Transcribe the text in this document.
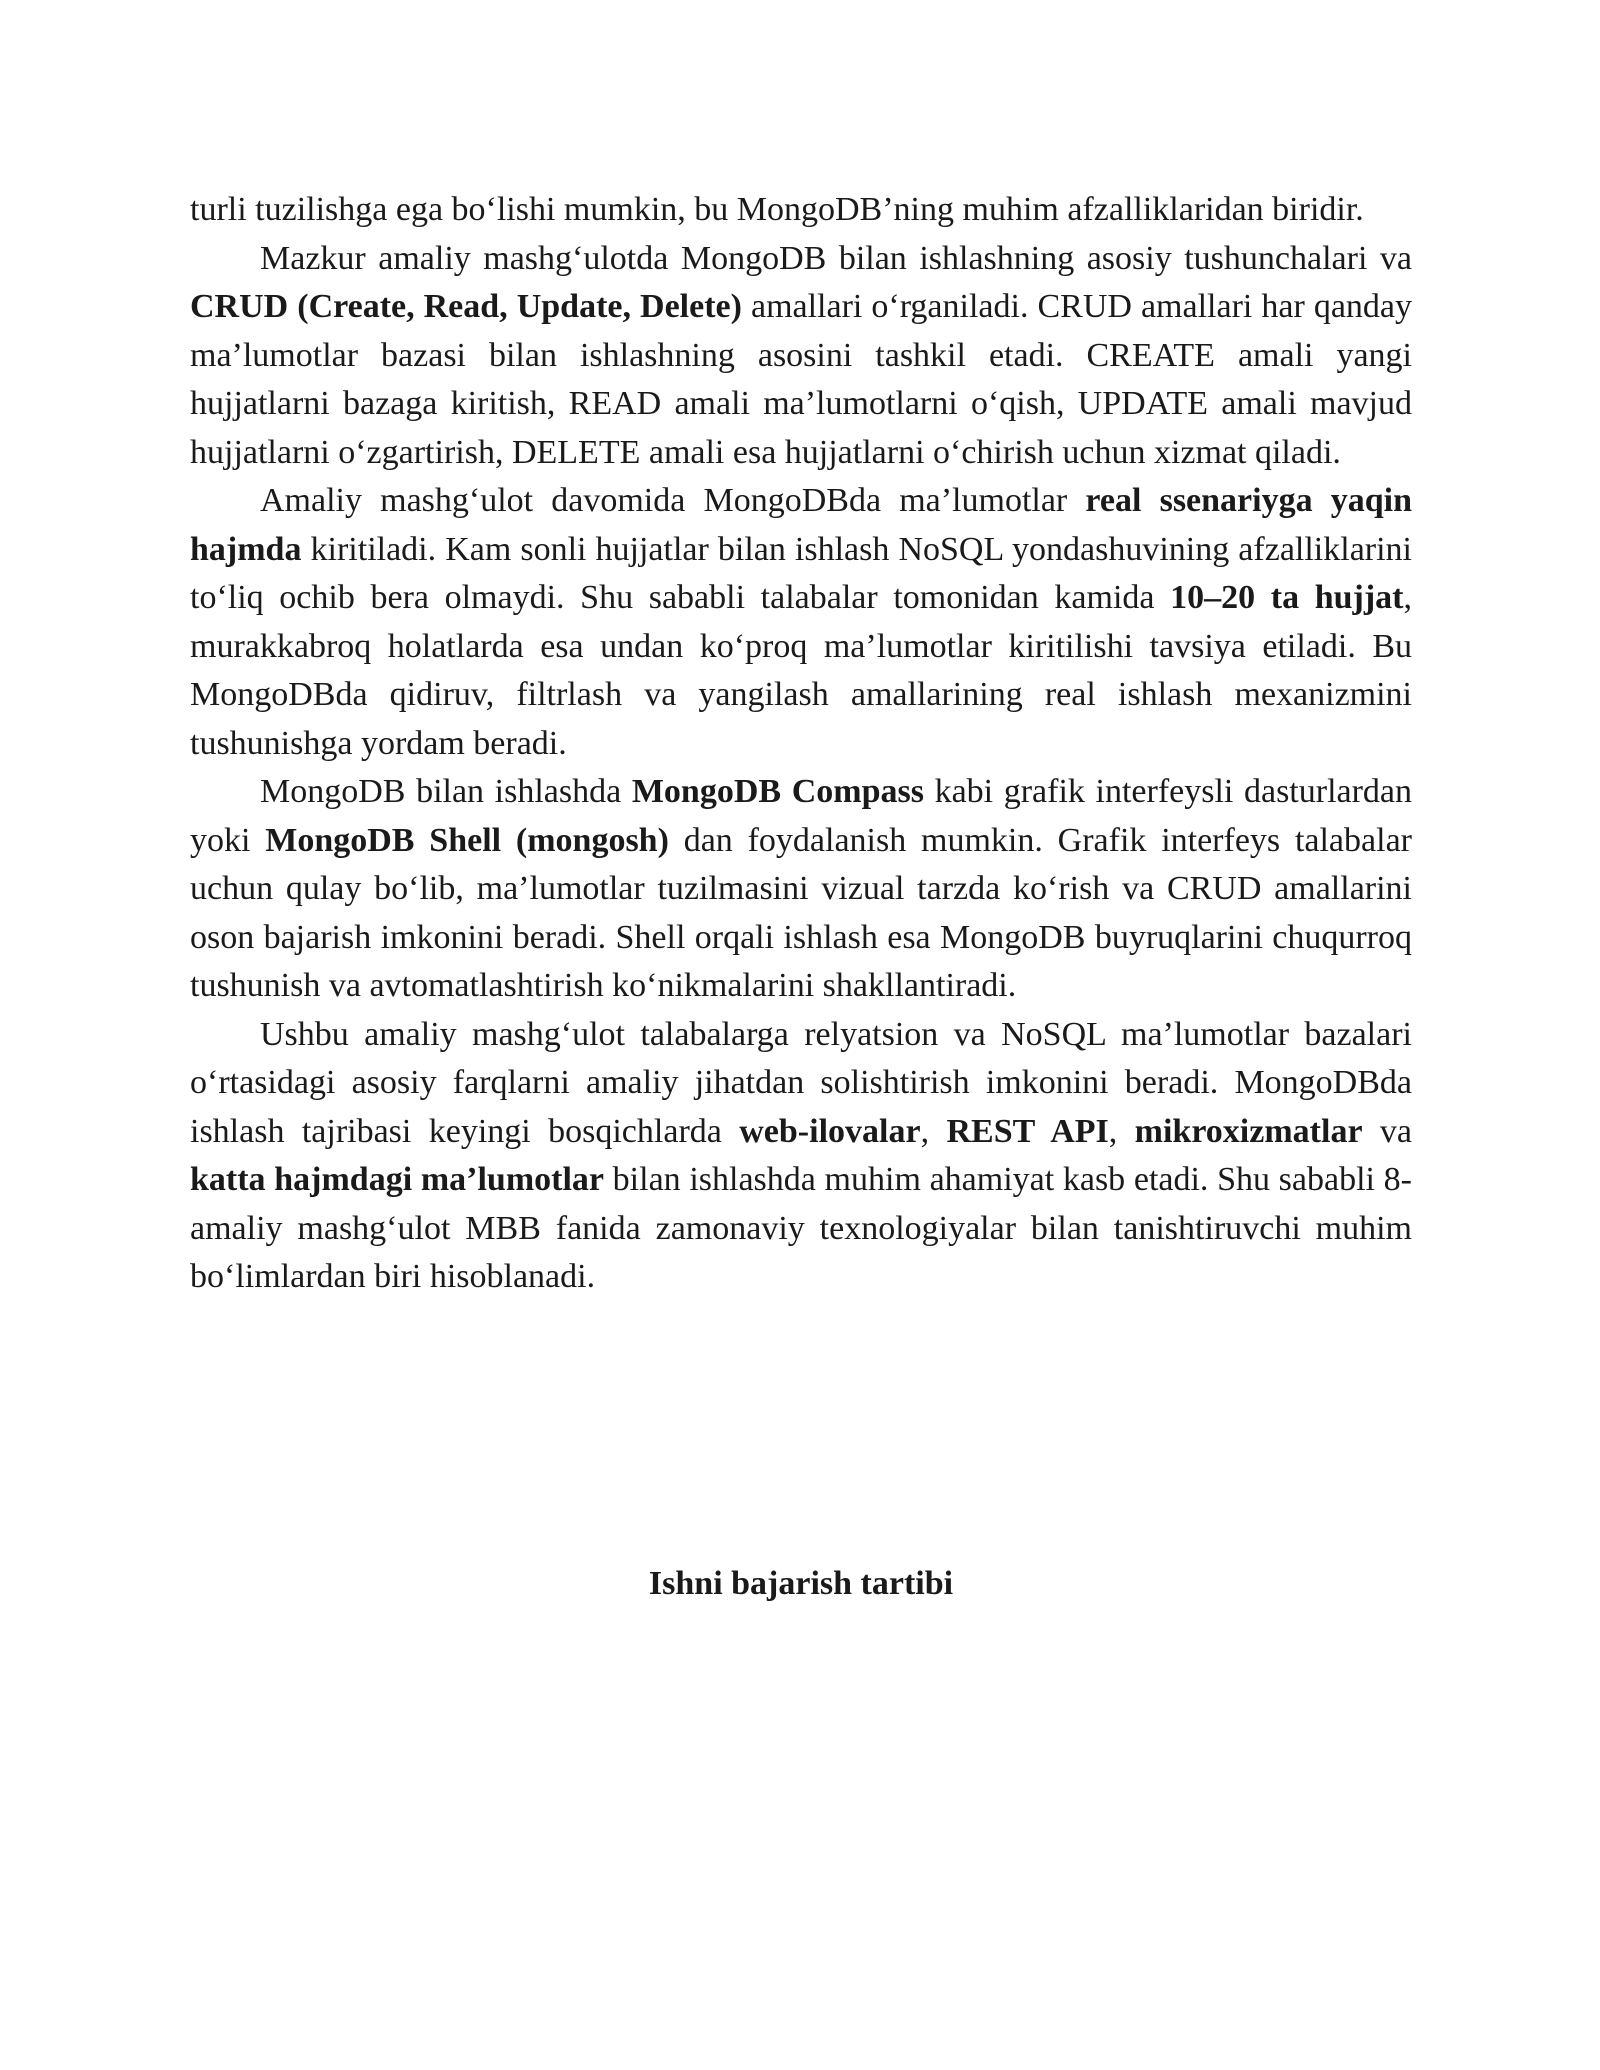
turli tuzilishga ega bo‘lishi mumkin, bu MongoDB’ning muhim afzalliklaridan biridir.

Mazkur amaliy mashg‘ulotda MongoDB bilan ishlashning asosiy tushunchalari va CRUD (Create, Read, Update, Delete) amallari o‘rganiladi. CRUD amallari har qanday ma’lumotlar bazasi bilan ishlashning asosini tashkil etadi. CREATE amali yangi hujjatlarni bazaga kiritish, READ amali ma’lumotlarni o‘qish, UPDATE amali mavjud hujjatlarni o‘zgartirish, DELETE amali esa hujjatlarni o‘chirish uchun xizmat qiladi.

Amaliy mashg‘ulot davomida MongoDBda ma’lumotlar real ssenariyga yaqin hajmda kiritiladi. Kam sonli hujjatlar bilan ishlash NoSQL yondashuvining afzalliklarini to‘liq ochib bera olmaydi. Shu sababli talabalar tomonidan kamida 10–20 ta hujjat, murakkabroq holatlarda esa undan ko‘proq ma’lumotlar kiritilishi tavsiya etiladi. Bu MongoDBda qidiruv, filtrlash va yangilash amallarining real ishlash mexanizmini tushunishga yordam beradi.

MongoDB bilan ishlashda MongoDB Compass kabi grafik interfeysli dasturlardan yoki MongoDB Shell (mongosh) dan foydalanish mumkin. Grafik interfeys talabalar uchun qulay bo‘lib, ma’lumotlar tuzilmasini vizual tarzda ko‘rish va CRUD amallarini oson bajarish imkonini beradi. Shell orqali ishlash esa MongoDB buyruqlarini chuqurroq tushunish va avtomatlashtirish ko‘nikmalarini shakllantiradi.

Ushbu amaliy mashg‘ulot talabalarga relyatsion va NoSQL ma’lumotlar bazalari o‘rtasidagi asosiy farqlarni amaliy jihatdan solishtirish imkonini beradi. MongoDBda ishlash tajribasi keyingi bosqichlarda web-ilovalar, REST API, mikroxizmatlar va katta hajmdagi ma’lumotlar bilan ishlashda muhim ahamiyat kasb etadi. Shu sababli 8-amaliy mashg‘ulot MBB fanida zamonaviy texnologiyalar bilan tanishtiruvchi muhim bo‘limlardan biri hisoblanadi.

Ishni bajarish tartibi
